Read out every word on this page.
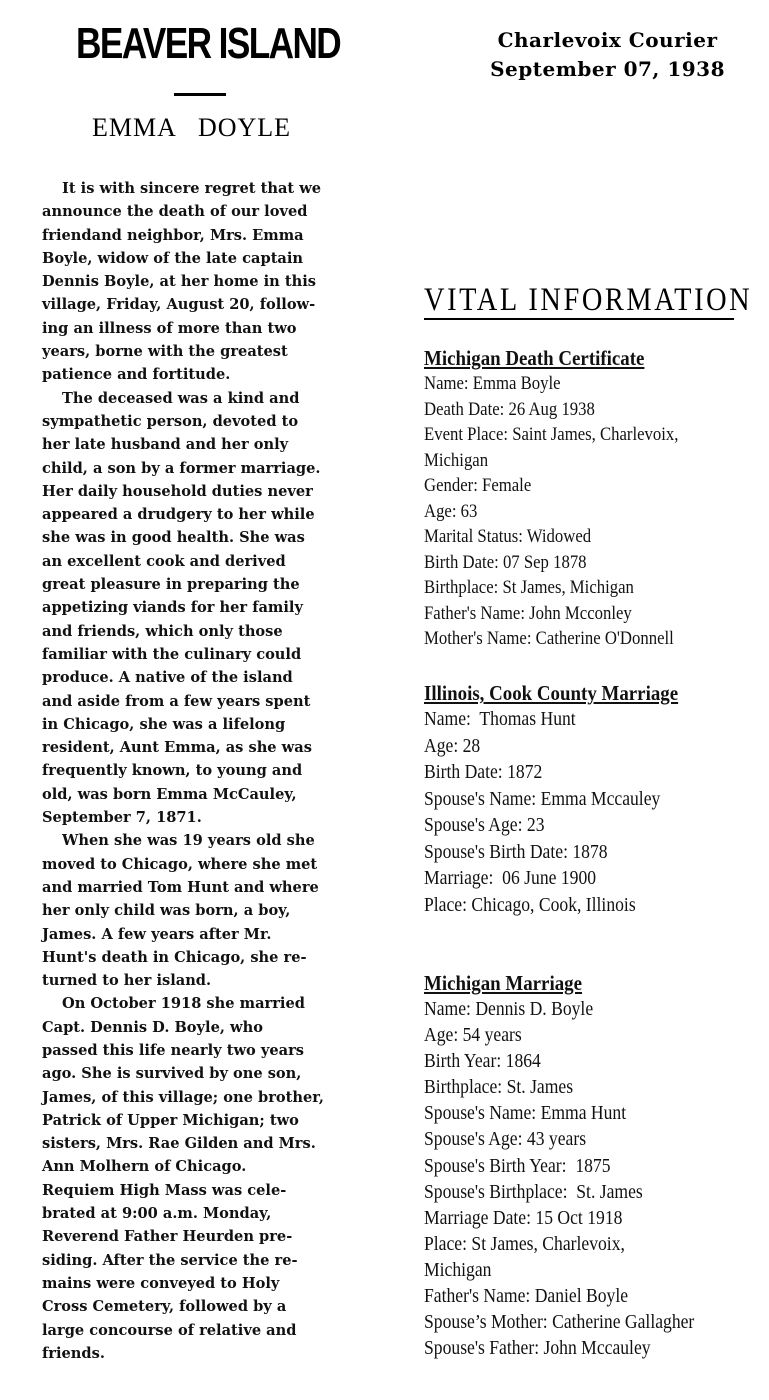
BEAVER ISLAND
EMMA   DOYLE
Charlevoix Courier
September 07, 1938

It is with sincere regret that we
announce the death of our loved
friendand neighbor, Mrs. Emma
Boyle, widow of the late captain
Dennis Boyle, at her home in this
village, Friday, August 20, follow-
ing an illness of more than two
years, borne with the greatest
patience and fortitude.

The deceased was a kind and
sympathetic person, devoted to
her late husband and her only
child, a son by a former marriage.
Her daily household duties never
appeared a drudgery to her while
she was in good health. She was
an excellent cook and derived
great pleasure in preparing the
appetizing viands for her family
and friends, which only those
familiar with the culinary could
produce. A native of the island
and aside from a few years spent
in Chicago, she was a lifelong
resident, Aunt Emma, as she was
frequently known, to young and
old, was born Emma McCauley,
September 7, 1871.

When she was 19 years old she
moved to Chicago, where she met
and married Tom Hunt and where
her only child was born, a boy,
James. A few years after Mr.
Hunt's death in Chicago, she re-
turned to her island.

On October 1918 she married
Capt. Dennis D. Boyle, who
passed this life nearly two years
ago. She is survived by one son,
James, of this village; one brother,
Patrick of Upper Michigan; two
sisters, Mrs. Rae Gilden and Mrs.
Ann Molhern of Chicago.
Requiem High Mass was cele-
brated at 9:00 a.m. Monday,
Reverend Father Heurden pre-
siding. After the service the re-
mains were conveyed to Holy
Cross Cemetery, followed by a
large concourse of relative and
friends.

VITAL INFORMATION
Michigan Death Certificate
Name: Emma Boyle
Death Date: 26 Aug 1938
Event Place: Saint James, Charlevoix,
Michigan
Gender: Female
Age: 63
Marital Status: Widowed
Birth Date: 07 Sep 1878
Birthplace: St James, Michigan
Father's Name: John Mcconley
Mother's Name: Catherine O'Donnell
Illinois, Cook County Marriage
Name:  Thomas Hunt
Age: 28
Birth Date: 1872
Spouse's Name: Emma Mccauley
Spouse's Age: 23
Spouse's Birth Date: 1878
Marriage:  06 June 1900
Place: Chicago, Cook, Illinois
Michigan Marriage
Name: Dennis D. Boyle
Age: 54 years
Birth Year: 1864
Birthplace: St. James
Spouse's Name: Emma Hunt
Spouse's Age: 43 years
Spouse's Birth Year:  1875
Spouse's Birthplace:  St. James
Marriage Date: 15 Oct 1918
Place: St James, Charlevoix,
Michigan
Father's Name: Daniel Boyle
Spouse’s Mother: Catherine Gallagher
Spouse's Father: John Mccauley
